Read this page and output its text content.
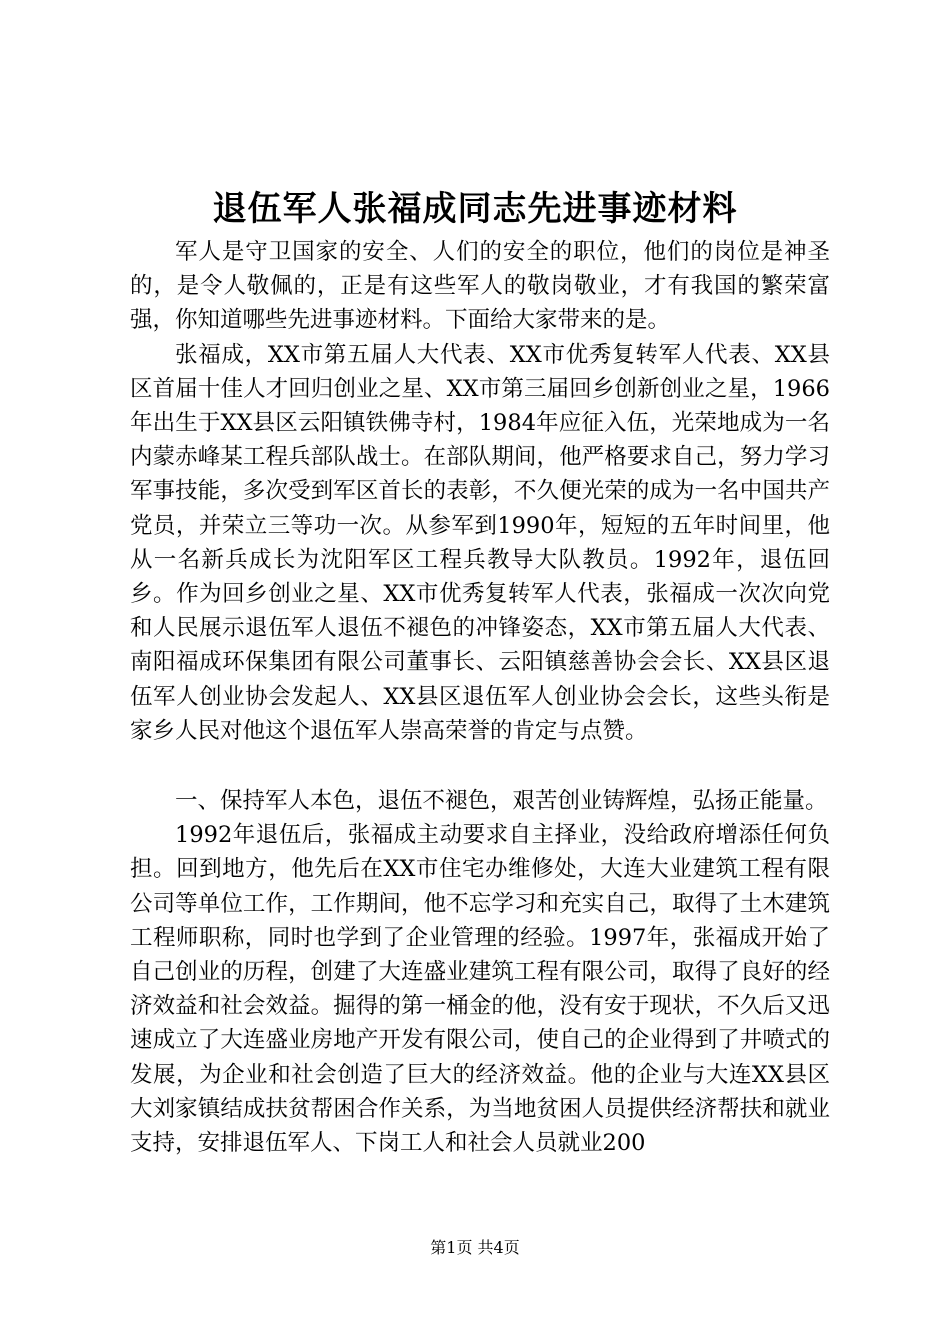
退伍军人张福成同志先进事迹材料

军人是守卫国家的安全、人们的安全的职位，他们的岗位是神圣的，是令人敬佩的，正是有这些军人的敬岗敬业，才有我国的繁荣富强，你知道哪些先进事迹材料。下面给大家带来的是。

张福成，XX市第五届人大代表、XX市优秀复转军人代表、XX县区首届十佳人才回归创业之星、XX市第三届回乡创新创业之星，1966年出生于XX县区云阳镇铁佛寺村，1984年应征入伍，光荣地成为一名内蒙赤峰某工程兵部队战士。在部队期间，他严格要求自己，努力学习军事技能，多次受到军区首长的表彰，不久便光荣的成为一名中国共产党员，并荣立三等功一次。从参军到1990年，短短的五年时间里，他从一名新兵成长为沈阳军区工程兵教导大队教员。1992年，退伍回乡。作为回乡创业之星、XX市优秀复转军人代表，张福成一次次向党和人民展示退伍军人退伍不褪色的冲锋姿态，XX市第五届人大代表、南阳福成环保集团有限公司董事长、云阳镇慈善协会会长、XX县区退伍军人创业协会发起人、XX县区退伍军人创业协会会长，这些头衔是家乡人民对他这个退伍军人崇高荣誉的肯定与点赞。

一、保持军人本色，退伍不褪色，艰苦创业铸辉煌，弘扬正能量。

1992年退伍后，张福成主动要求自主择业，没给政府增添任何负担。回到地方，他先后在XX市住宅办维修处，大连大业建筑工程有限公司等单位工作，工作期间，他不忘学习和充实自己，取得了土木建筑工程师职称，同时也学到了企业管理的经验。1997年，张福成开始了自己创业的历程，创建了大连盛业建筑工程有限公司，取得了良好的经济效益和社会效益。掘得的第一桶金的他，没有安于现状，不久后又迅速成立了大连盛业房地产开发有限公司，使自己的企业得到了井喷式的发展，为企业和社会创造了巨大的经济效益。他的企业与大连XX县区大刘家镇结成扶贫帮困合作关系，为当地贫困人员提供经济帮扶和就业支持，安排退伍军人、下岗工人和社会人员就业200

第1页 共4页
